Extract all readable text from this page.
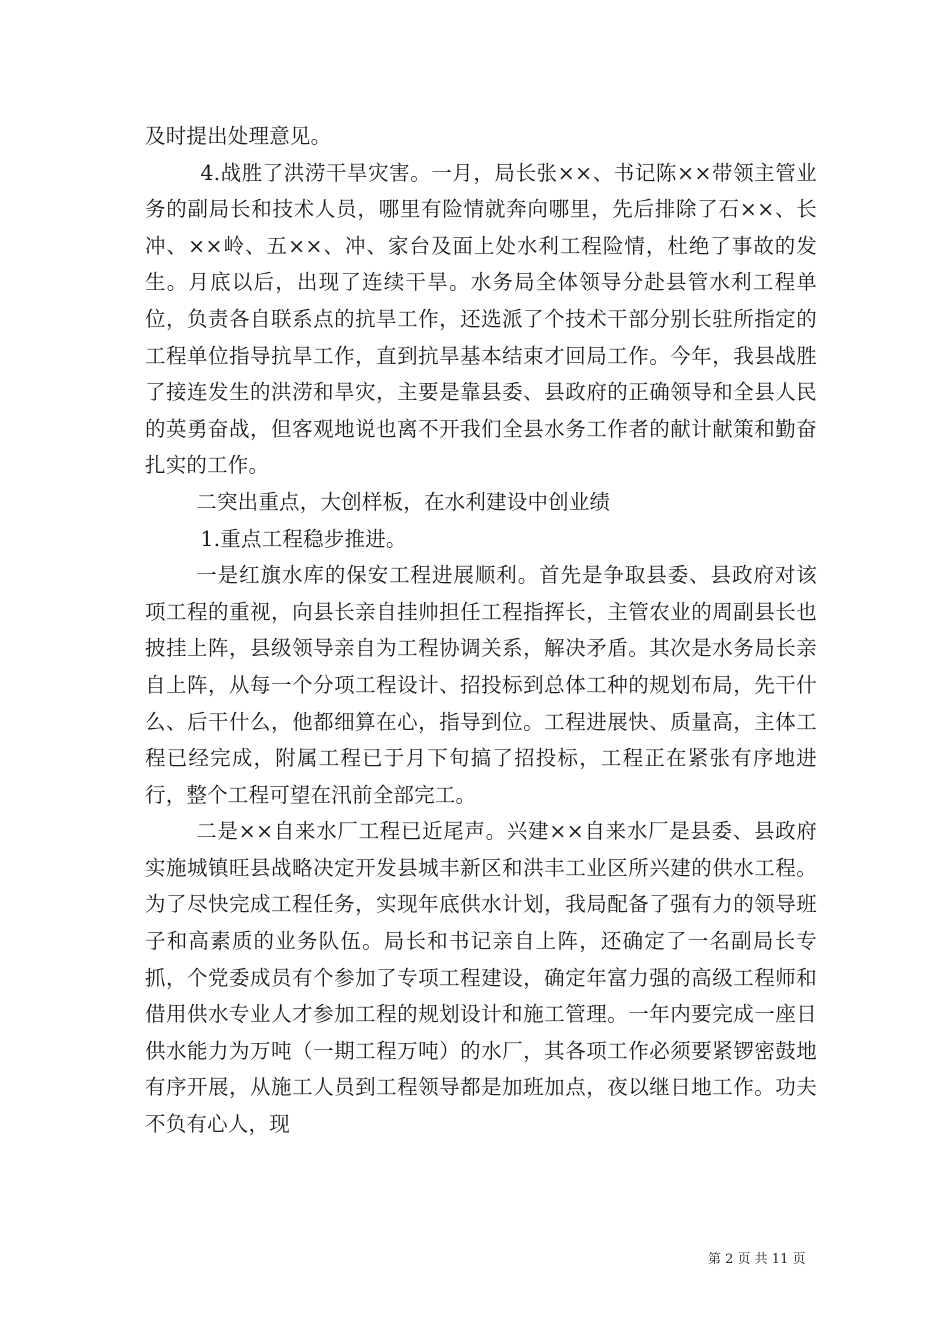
及时提出处理意见。

4.战胜了洪涝干旱灾害。一月，局长张××、书记陈××带领主管业务的副局长和技术人员，哪里有险情就奔向哪里，先后排除了石××、长冲、××岭、五××、冲、家台及面上处水利工程险情，杜绝了事故的发生。月底以后，出现了连续干旱。水务局全体领导分赴县管水利工程单位，负责各自联系点的抗旱工作，还选派了个技术干部分别长驻所指定的工程单位指导抗旱工作，直到抗旱基本结束才回局工作。今年，我县战胜了接连发生的洪涝和旱灾，主要是靠县委、县政府的正确领导和全县人民的英勇奋战，但客观地说也离不开我们全县水务工作者的献计献策和勤奋扎实的工作。

二突出重点，大创样板，在水利建设中创业绩

1.重点工程稳步推进。

一是红旗水库的保安工程进展顺利。首先是争取县委、县政府对该项工程的重视，向县长亲自挂帅担任工程指挥长，主管农业的周副县长也披挂上阵，县级领导亲自为工程协调关系，解决矛盾。其次是水务局长亲自上阵，从每一个分项工程设计、招投标到总体工种的规划布局，先干什么、后干什么，他都细算在心，指导到位。工程进展快、质量高，主体工程已经完成，附属工程已于月下旬搞了招投标，工程正在紧张有序地进行，整个工程可望在汛前全部完工。

二是××自来水厂工程已近尾声。兴建××自来水厂是县委、县政府实施城镇旺县战略决定开发县城丰新区和洪丰工业区所兴建的供水工程。为了尽快完成工程任务，实现年底供水计划，我局配备了强有力的领导班子和高素质的业务队伍。局长和书记亲自上阵，还确定了一名副局长专抓，个党委成员有个参加了专项工程建设，确定年富力强的高级工程师和借用供水专业人才参加工程的规划设计和施工管理。一年内要完成一座日供水能力为万吨（一期工程万吨）的水厂，其各项工作必须要紧锣密鼓地有序开展，从施工人员到工程领导都是加班加点，夜以继日地工作。功夫不负有心人，现

第 2 页 共 11 页
